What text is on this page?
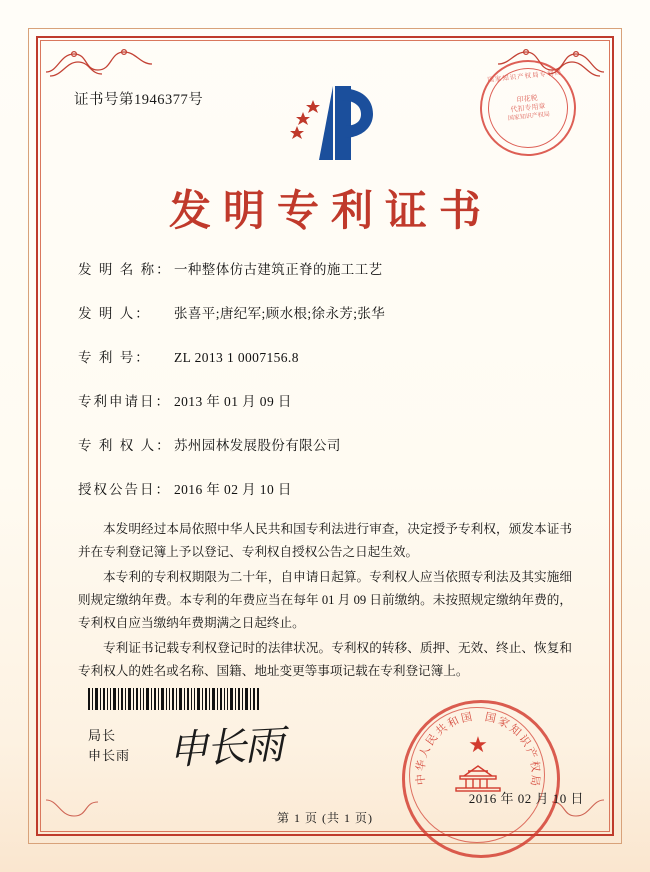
证书号第1946377号
国家知识产权局专利局
印花税
代扣专用章
国家知识产权局
发明专利证书
发 明 名 称： 一种整体仿古建筑正脊的施工工艺
发 明 人： 张喜平;唐纪军;顾水根;徐永芳;张华
专 利 号： ZL 2013 1 0007156.8
专利申请日： 2013 年 01 月 09 日
专 利 权 人： 苏州园林发展股份有限公司
授权公告日： 2016 年 02 月 10 日

本发明经过本局依照中华人民共和国专利法进行审查，决定授予专利权，颁发本证书并在专利登记簿上予以登记、专利权自授权公告之日起生效。

本专利的专利权期限为二十年，自申请日起算。专利权人应当依照专利法及其实施细则规定缴纳年费。本专利的年费应当在每年 01 月 09 日前缴纳。未按照规定缴纳年费的，专利权自应当缴纳年费期满之日起终止。

专利证书记载专利权登记时的法律状况。专利权的转移、质押、无效、终止、恢复和专利权人的姓名或名称、国籍、地址变更等事项记载在专利登记簿上。

局长
申长雨 申长雨	★
中
华
人
民
共
和
国 国
家
知
识
产
权
局
2016 年 02 月 10 日
第 1 页 (共 1 页)
